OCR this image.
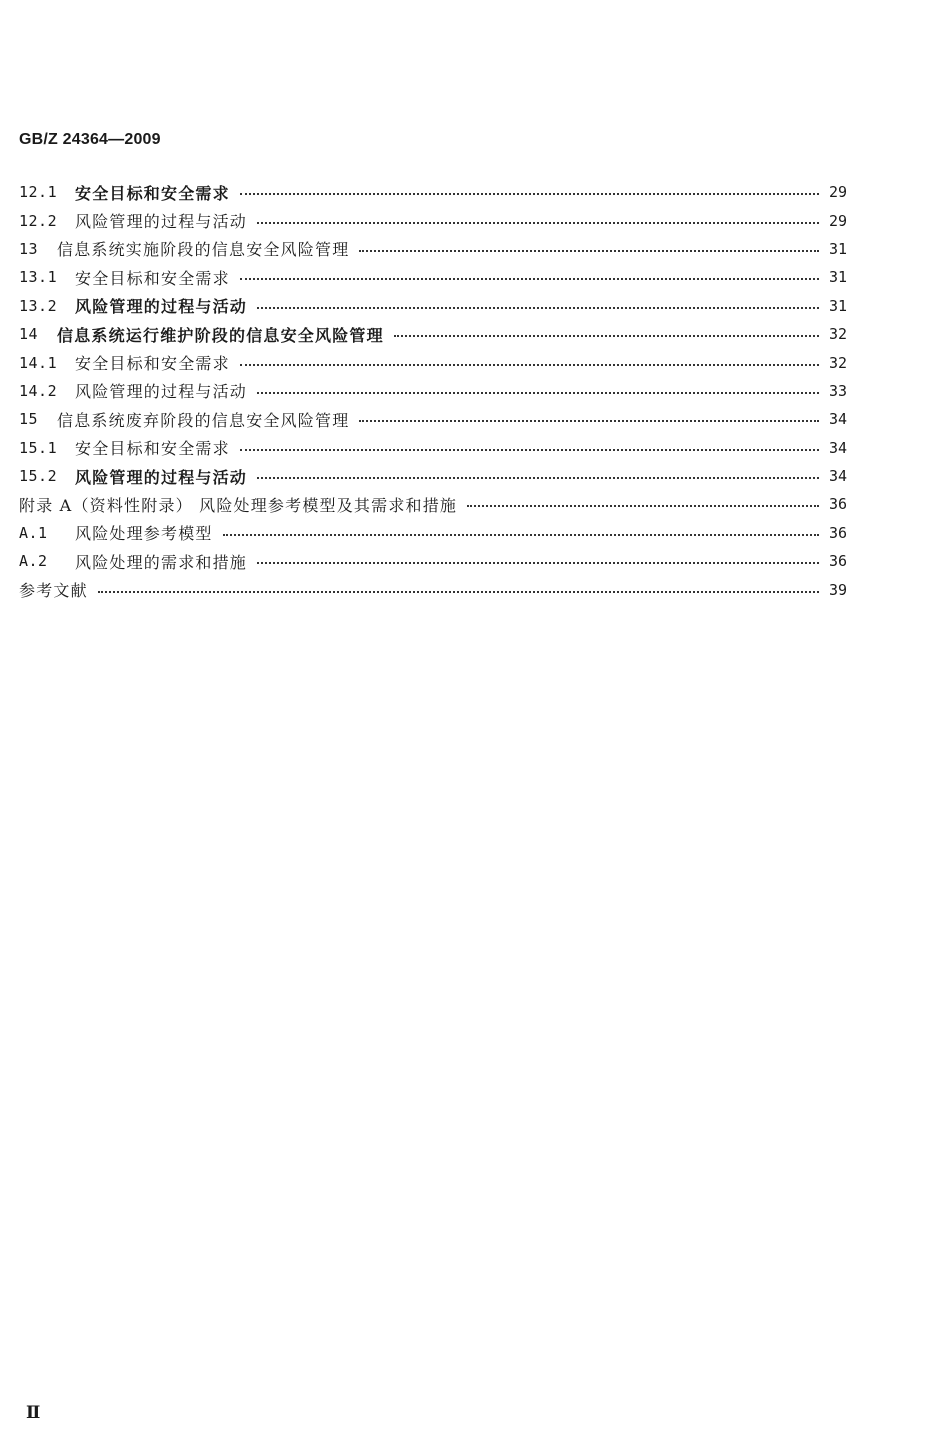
GB/Z 24364—2009
12.1	安全目标和安全需求	29
12.2	风险管理的过程与活动	29
13	信息系统实施阶段的信息安全风险管理	31
13.1	安全目标和安全需求	31
13.2	风险管理的过程与活动	31
14	信息系统运行维护阶段的信息安全风险管理	32
14.1	安全目标和安全需求	32
14.2	风险管理的过程与活动	33
15	信息系统废弃阶段的信息安全风险管理	34
15.1	安全目标和安全需求	34
15.2	风险管理的过程与活动	34
附录 A（资料性附录） 风险处理参考模型及其需求和措施	36
A.1	风险处理参考模型	36
A.2	风险处理的需求和措施	36
参考文献	39
Ⅱ
